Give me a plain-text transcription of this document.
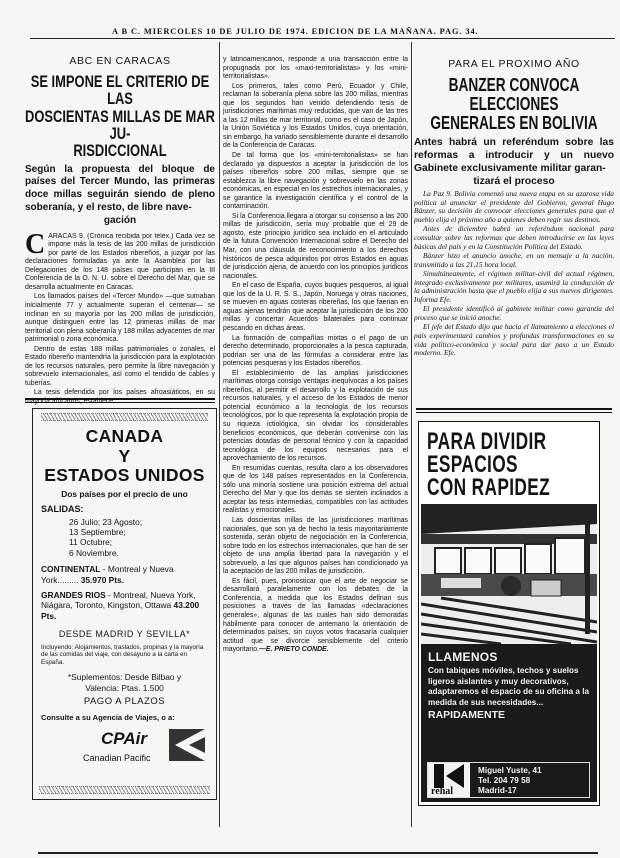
A B C. MIERCOLES 10 DE JULIO DE 1974. EDICION DE LA MAÑANA. PAG. 34.
ABC EN CARACAS
SE IMPONE EL CRITERIO DE LAS
DOSCIENTAS MILLAS DE MAR JU-
RISDICCIONAL
Según la propuesta del bloque de países del Tercer Mundo, las primeras doce millas seguirán siendo de pleno soberanía, y el resto, de libre nave-
gación

CARACAS 9. (Crónica recibida por télex.) Cada vez se impone más la tesis de las 200 millas de jurisdicción por parte de los Estados ribereños, a juzgar por las declaraciones formuladas ya ante la Asamblea por las Delegaciones de los 148 países que participan en la III Conferencia de la O. N. U. sobre el Derecho del Mar, que se desarrolla actualmente en Caracas.

Los llamados países del «Tercer Mundo» —que sumaban inicialmente 77 y actualmente superan el centenar— se inclinan en su mayoría por las 200 millas de jurisdicción, aunque distinguen entre las 12 primeras millas de mar territorial con plena soberanía y 188 millas adyacentes de mar patrimonial o zona económica.

Dentro de estas 188 millas patrimoniales o zonales, el Estado ribereño mantendría la jurisdicción para la explotación de los recursos naturales, pero permite la libre navegación y sobrevuelo internacionales, así como el tendido de cables y tuberías.

La tesis defendida por los países afroasiáticos, en su mayoría africanos, establece

CANADA
Y
ESTADOS UNIDOS
Dos países por el precio de uno
SALIDAS:
26 Julio; 23 Agosto;
13 Septiembre;
11 Octubre;
6 Noviembre.
CONTINENTAL - Montreal y Nueva York......... 35.970 Pts.
GRANDES RIOS - Montreal, Nueva York, Niágara, Toronto, Kingston, Ottawa 43.200 Pts.
DESDE MADRID Y SEVILLA*
Incluyendo: Alojamientos, traslados, propinas y la mayoría de las comidas del viaje, con desayuno a la carta en España.
*Suplementos: Desde Bilbao y Valencia: Ptas. 1.500
PAGO A PLAZOS
Consulte a su Agencia de Viajes, o a:
CPAir
Canadian Pacific

y latinoamericanos, responde a una transacción entre la propugnada por los «maxi-territorialistas» y los «mini-territorialistas».

Los primeros, tales como Perú, Ecuador y Chile, reclaman la soberanía plena sobre las 200 millas, mientras que los segundos han venido defendiendo tesis de jurisdicciones marítimas muy reducidas, que van de las tres a las 12 millas de mar territorial, como es el caso de Japón, la Unión Soviética y los Estados Unidos, cuya orientación, sin embargo, ha variado sensiblemente durante el desarrollo de la Conferencia de Caracas.

De tal forma que los «mini-territorialistas» se han declarado ya dispuestos a aceptar la jurisdicción de los países ribereños sobre 200 millas, siempre que se establezca la libre navegación y sobrevuelo en las zonas económicas, en especial en los estrechos internacionales, y se garantice la investigación científica y el control de la contaminación.

Si la Conferencia llegara a otorgar su consenso a las 200 millas de jurisdicción, sería muy probable que el 29 de agosto, este principio jurídico sea incluido en el articulado de la futura Convención Internacional sobre el Derecho del Mar, con una cláusula de reconocimiento a los derechos históricos de pesca adquiridos por otros Estados en aguas de jurisdicción ajena, de acuerdo con los principios jurídicos nacionales.

En el caso de España, cuyos buques pesqueros, al igual que los de la U. R. S. S., Japón, Noruega y otras naciones, se mueven en aguas costeras ribereñas, los que faenan en aguas ajenas tendrán que aceptar la jurisdicción de los 200 millas y concertar Acuerdos bilaterales para continuar pescando en dichas áreas.

La formación de compañías mixtas o el pago de un derecho determinado, proporcionales a la pesca capturada, podrían ser una de las fórmulas a considerar entre las potencias pesqueras y los Estados ribereños.

El establecimiento de las amplias jurisdicciones marítimas otorga consigo ventajas inequívocas a los países ribereños, al permitir el desarrollo y la explotación de sus recursos naturales, y el acceso de los Estados de menor potencial económico a la tecnología de los recursos tecnológicos, por lo que representa la explotación propia de su riqueza ictiológica, sin olvidar los considerables beneficios económicos, que deberán convenirse con las potencias dotadas de personal técnico y con la capacidad tecnológica de los equipos necesarios para el aprovechamiento de los recursos.

En resumidas cuentas, resulta claro a los observadores que de los 148 países representados en la Conferencia, sólo una minoría sostiene una posición extrema del actual Derecho del Mar y que los demás se sienten inclinados a aceptar las tesis intermedias, compatibles con las actitudes realistas y emocionales.

Las doscientas millas de las jurisdicciones marítimas nacionales, que son ya de hecho la tesis mayoritariamente sostenida, serán objeto de negociación en la Conferencia, sobre todo en los estrechos internacionales, que han de ser objeto de una amplia libertad para la navegación y el sobrevuelo, a las que algunos países han condicionado ya la aceptación de las 200 millas de jurisdicción.

Es fácil, pues, pronosticar que el arte de negociar se desarrollará paralelamente con los debates de la Conferencia, a medida que los Estados definan sus posiciones a través de las llamadas «declaraciones generales», algunas de las cuales han sido demoradas hábilmente para conocer de antemano la orientación de determinados países, sin cuyos votos fracasaría cualquier actitud que se divorcie sensiblemente del criterio mayoritario.—E. PRIETO CONDE.

PARA EL PROXIMO AÑO
BANZER CONVOCA ELECCIONES
GENERALES EN BOLIVIA
Antes habrá un referéndum sobre las reformas a introducir y un nuevo Gabinete exclusivamente militar garan-
tizará el proceso

La Paz 9. Bolivia comenzó una nueva etapa en su azarosa vida política al anunciar el presidente del Gobierno, general Hugo Bánzer, su decisión de convocar elecciones generales para que el pueblo elija el próximo año a quienes deben regir sus destinos.

Antes de diciembre habrá un referéndum nacional para consultar sobre las reformas que deben introducirse en las leyes básicas del país y en la Constitución Política del Estado.

Bánzer hizo el anuncio anoche, en un mensaje a la nación, transmitido a las 21,15 hora local.

Simultáneamente, el régimen militar-civil del actual régimen, integrado exclusivamente por militares, asumirá la conducción de la administración hasta que el pueblo elija a sus nuevos dirigentes. Informa Efe.

El presidente identificó al gabinete militar como garantía del proceso que se inició anoche.

El jefe del Estado dijo que hacia el llamamiento a elecciones el país experimentará cambios y profundas transformaciones en su vida político-económica y social para dar paso a un Estado moderno. Efe.

PARA DIVIDIR
ESPACIOS
CON RAPIDEZ
LLAMENOS
Con tabiques móviles, techos y suelos ligeros aislantes y muy decorativos, adaptaremos el espacio de su oficina a la medida de sus necesidades...
RAPIDAMENTE
rehal
Miguel Yuste, 41
Tel. 204 79 58
Madrid-17
